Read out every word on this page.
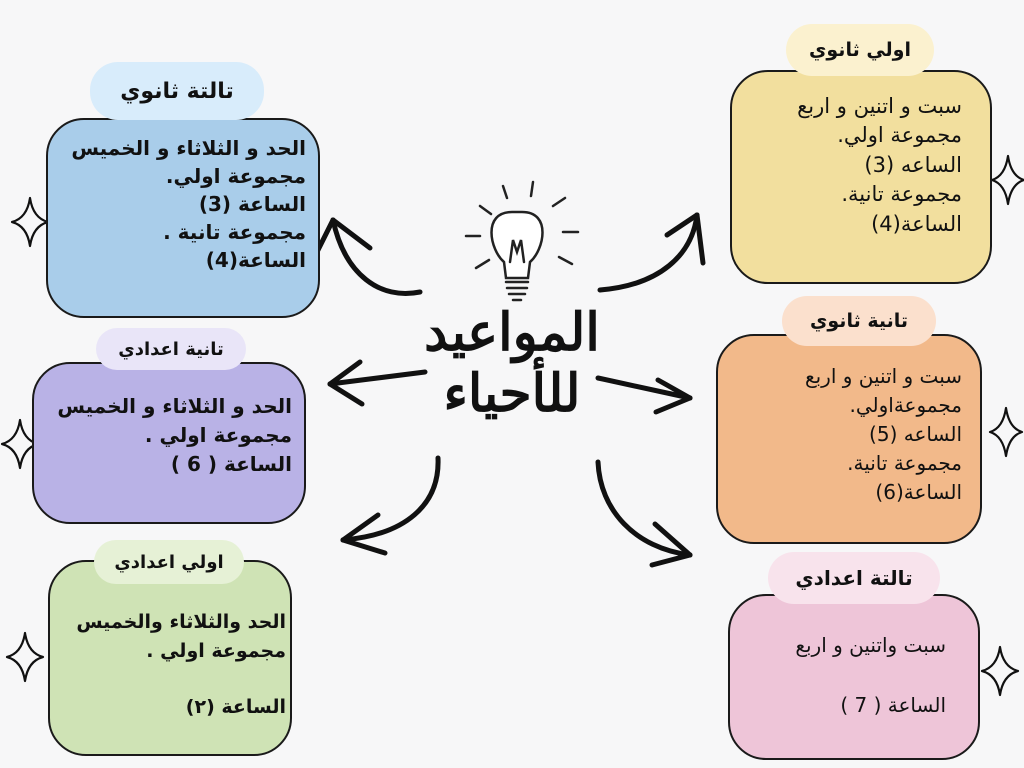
المواعيد
للأحياء
تالتة ثانوي
الحد و الثلاثاء و الخميس
مجموعة اولي.
الساعة (3)
مجموعة تانية .
الساعة(4)
تانية اعدادي
الحد و الثلاثاء و الخميس
مجموعة اولي .
الساعة ( 6 )
اولي اعدادي
الحد والثلاثاء والخميس
مجموعة اولي .
الساعة (٢)
اولي ثانوي
سبت و اتنين و اربع
مجموعة اولي.
الساعه (3)
مجموعة تانية.
الساعة(4)
تانية ثانوي
سبت و اتنين و اربع
مجموعةاولي.
الساعه (5)
مجموعة تانية.
الساعة(6)
تالتة اعدادي
سبت واتنين و اربع
الساعة ( 7 )
